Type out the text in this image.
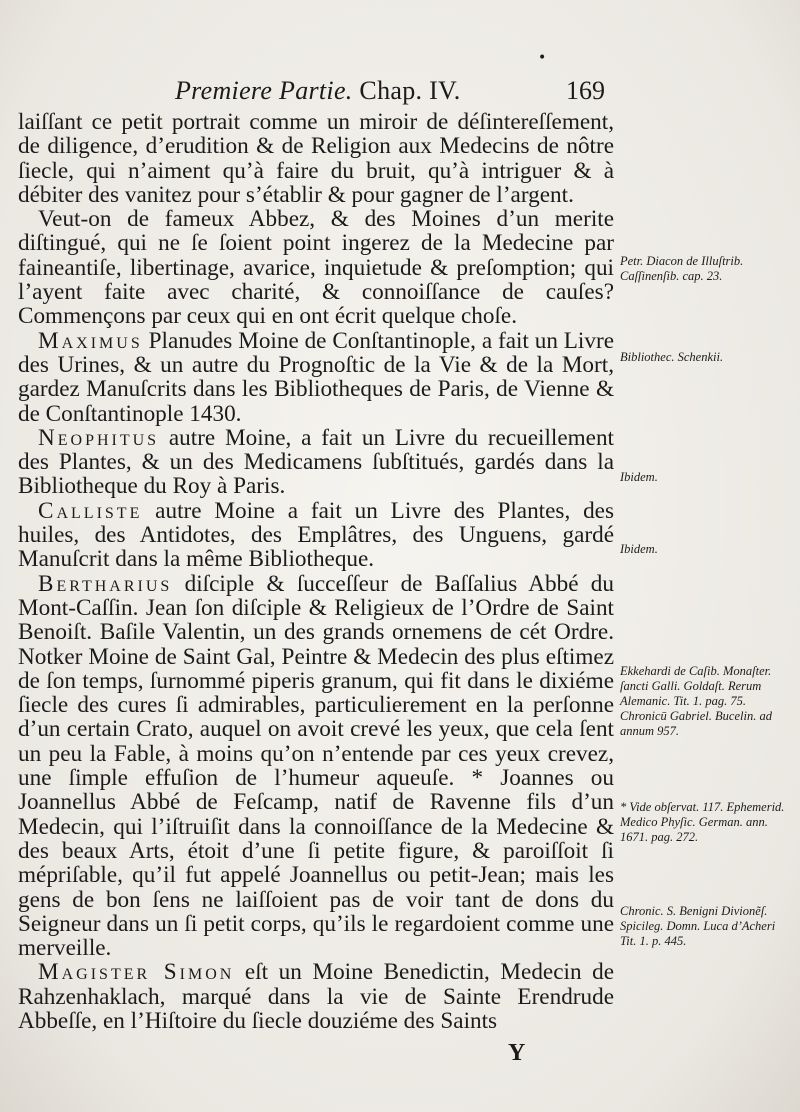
•
Premiere Partie. Chap. IV.	169

laiſſant ce petit portrait comme un miroir de déſintereſſement, de diligence, d’erudition & de Religion aux Medecins de nôtre ſiecle, qui n’aiment qu’à faire du bruit, qu’à intriguer & à débiter des vanitez pour s’établir & pour gagner de l’argent.

Veut-on de fameux Abbez, & des Moines d’un merite diſtingué, qui ne ſe ſoient point ingerez de la Medecine par faineantiſe, libertinage, avarice, inquietude & preſomption; qui l’ayent faite avec charité, & connoiſſance de cauſes? Commençons par ceux qui en ont écrit quelque choſe.

Maximus Planudes Moine de Conſtantinople, a fait un Livre des Urines, & un autre du Prognoſtic de la Vie & de la Mort, gardez Manuſcrits dans les Bibliotheques de Paris, de Vienne & de Conſtantinople 1430.

Neophitus autre Moine, a fait un Livre du recueillement des Plantes, & un des Medicamens ſubſtitués, gardés dans la Bibliotheque du Roy à Paris.

Calliste autre Moine a fait un Livre des Plantes, des huiles, des Antidotes, des Emplâtres, des Unguens, gardé Manuſcrit dans la même Bibliotheque.

Bertharius diſciple & ſucceſſeur de Baſſalius Abbé du Mont-Caſſin. Jean ſon diſciple & Religieux de l’Ordre de Saint Benoiſt. Baſile Valentin, un des grands ornemens de cét Ordre. Notker Moine de Saint Gal, Peintre & Medecin des plus eſtimez de ſon temps, ſurnommé piperis granum, qui fit dans le dixiéme ſiecle des cures ſi admirables, particulierement en la perſonne d’un certain Crato, auquel on avoit crevé les yeux, que cela ſent un peu la Fable, à moins qu’on n’entende par ces yeux crevez, une ſimple effuſion de l’humeur aqueuſe. * Joannes ou Joannellus Abbé de Feſcamp, natif de Ravenne fils d’un Medecin, qui l’iſtruiſit dans la connoiſſance de la Medecine & des beaux Arts, étoit d’une ſi petite figure, & paroiſſoit ſi mépriſable, qu’il fut appelé Joannellus ou petit-Jean; mais les gens de bon ſens ne laiſſoient pas de voir tant de dons du Seigneur dans un ſi petit corps, qu’ils le regardoient comme une merveille.

Magister Simon eſt un Moine Benedictin, Medecin de Rahzenhaklach, marqué dans la vie de Sainte Erendrude Abbeſſe, en l’Hiſtoire du ſiecle douziéme des Saints

Petr. Diacon de Illuſtrib. Caſſinenſib. cap. 23.
Bibliothec. Schenkii.
Ibidem.
Ibidem.
Ekkehardi de Caſib. Monaſter. ſancti Galli. Goldaſt. Rerum Alemanic. Tit. 1. pag. 75. Chronicū Gabriel. Bucelin. ad annum 957.
* Vide obſervat. 117. Ephemerid. Medico Phyſic. German. ann. 1671. pag. 272.
Chronic. S. Benigni Divionẽſ. Spicileg. Domn. Luca d’Acheri Tit. 1. p. 445.
Y
